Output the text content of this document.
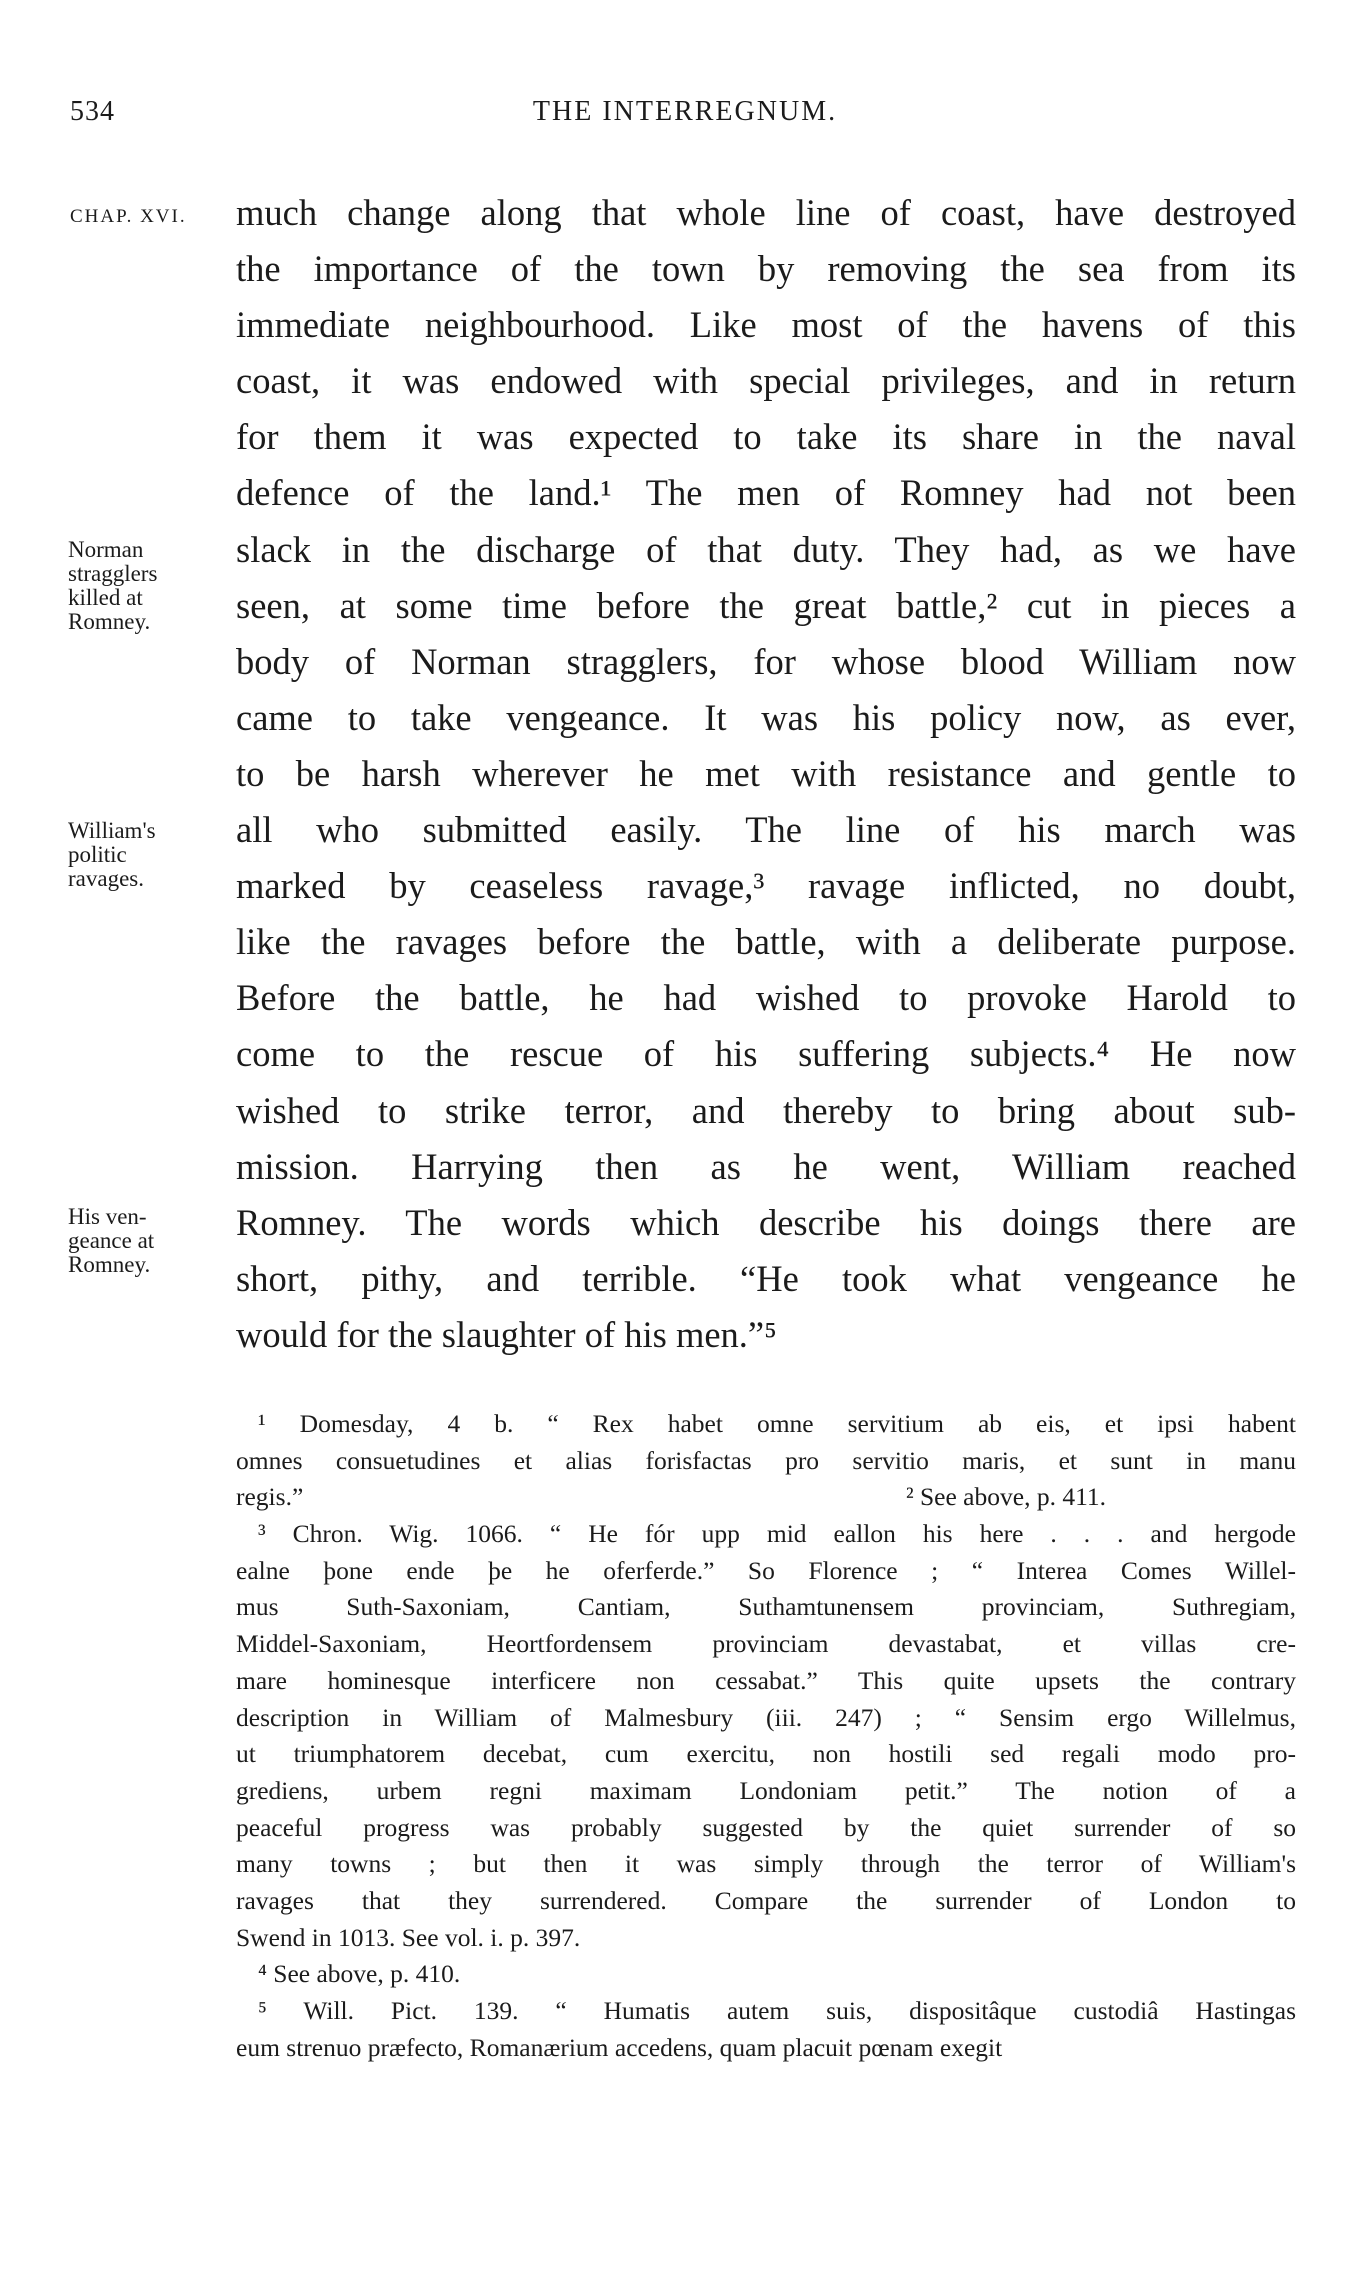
534	THE INTERREGNUM.
CHAP. XVI. much change along that whole line of coast, have destroyed
the importance of the town by removing the sea from its
immediate neighbourhood. Like most of the havens of this
coast, it was endowed with special privileges, and in return
for them it was expected to take its share in the naval
defence of the land.¹ The men of Romney had not been
slack in the discharge of that duty. They had, as we have
seen, at some time before the great battle,² cut in pieces a
body of Norman stragglers, for whose blood William now
came to take vengeance. It was his policy now, as ever,
to be harsh wherever he met with resistance and gentle to
all who submitted easily. The line of his march was
marked by ceaseless ravage,³ ravage inflicted, no doubt,
like the ravages before the battle, with a deliberate purpose.
Before the battle, he had wished to provoke Harold to
come to the rescue of his suffering subjects.⁴ He now
wished to strike terror, and thereby to bring about sub-
mission. Harrying then as he went, William reached
Romney. The words which describe his doings there are
short, pithy, and terrible. “He took what vengeance he
would for the slaughter of his men.”⁵
Norman
stragglers
killed at
Romney.
William's
politic
ravages.
His ven-
geance at
Romney.
¹ Domesday, 4 b. “ Rex habet omne servitium ab eis, et ipsi habent
omnes consuetudines et alias forisfactas pro servitio maris, et sunt in manu
regis.”	² See above, p. 411.
³ Chron. Wig. 1066. “ He fór upp mid eallon his here . . . and hergode
ealne þone ende þe he oferferde.” So Florence ; “ Interea Comes Willel-
mus Suth-Saxoniam, Cantiam, Suthamtunensem provinciam, Suthregiam,
Middel-Saxoniam, Heortfordensem provinciam devastabat, et villas cre-
mare hominesque interficere non cessabat.” This quite upsets the contrary
description in William of Malmesbury (iii. 247) ; “ Sensim ergo Willelmus,
ut triumphatorem decebat, cum exercitu, non hostili sed regali modo pro-
grediens, urbem regni maximam Londoniam petit.” The notion of a
peaceful progress was probably suggested by the quiet surrender of so
many towns ; but then it was simply through the terror of William's
ravages that they surrendered. Compare the surrender of London to
Swend in 1013. See vol. i. p. 397.
⁴ See above, p. 410.
⁵ Will. Pict. 139. “ Humatis autem suis, dispositâque custodiâ Hastingas
eum strenuo præfecto, Romanærium accedens, quam placuit pœnam exegit
